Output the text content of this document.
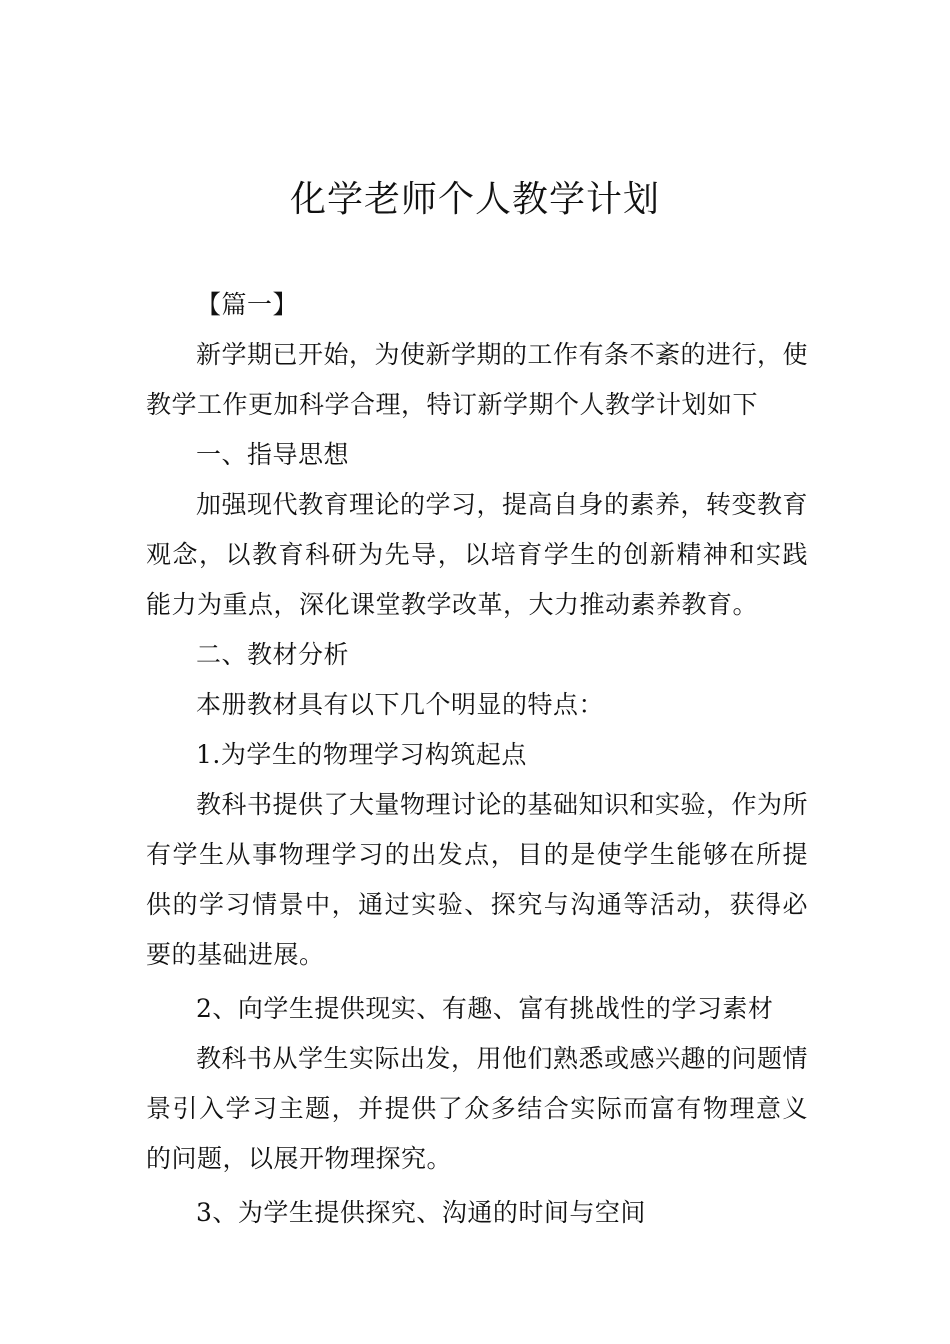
化学老师个人教学计划

【篇一】

新学期已开始，为使新学期的工作有条不紊的进行，使教学工作更加科学合理，特订新学期个人教学计划如下

一、指导思想

加强现代教育理论的学习，提高自身的素养，转变教育观念，以教育科研为先导，以培育学生的创新精神和实践能力为重点，深化课堂教学改革，大力推动素养教育。

二、教材分析

本册教材具有以下几个明显的特点：

1.为学生的物理学习构筑起点

教科书提供了大量物理讨论的基础知识和实验，作为所有学生从事物理学习的出发点，目的是使学生能够在所提供的学习情景中，通过实验、探究与沟通等活动，获得必要的基础进展。

2、向学生提供现实、有趣、富有挑战性的学习素材

教科书从学生实际出发，用他们熟悉或感兴趣的问题情景引入学习主题，并提供了众多结合实际而富有物理意义的问题，以展开物理探究。

3、为学生提供探究、沟通的时间与空间
